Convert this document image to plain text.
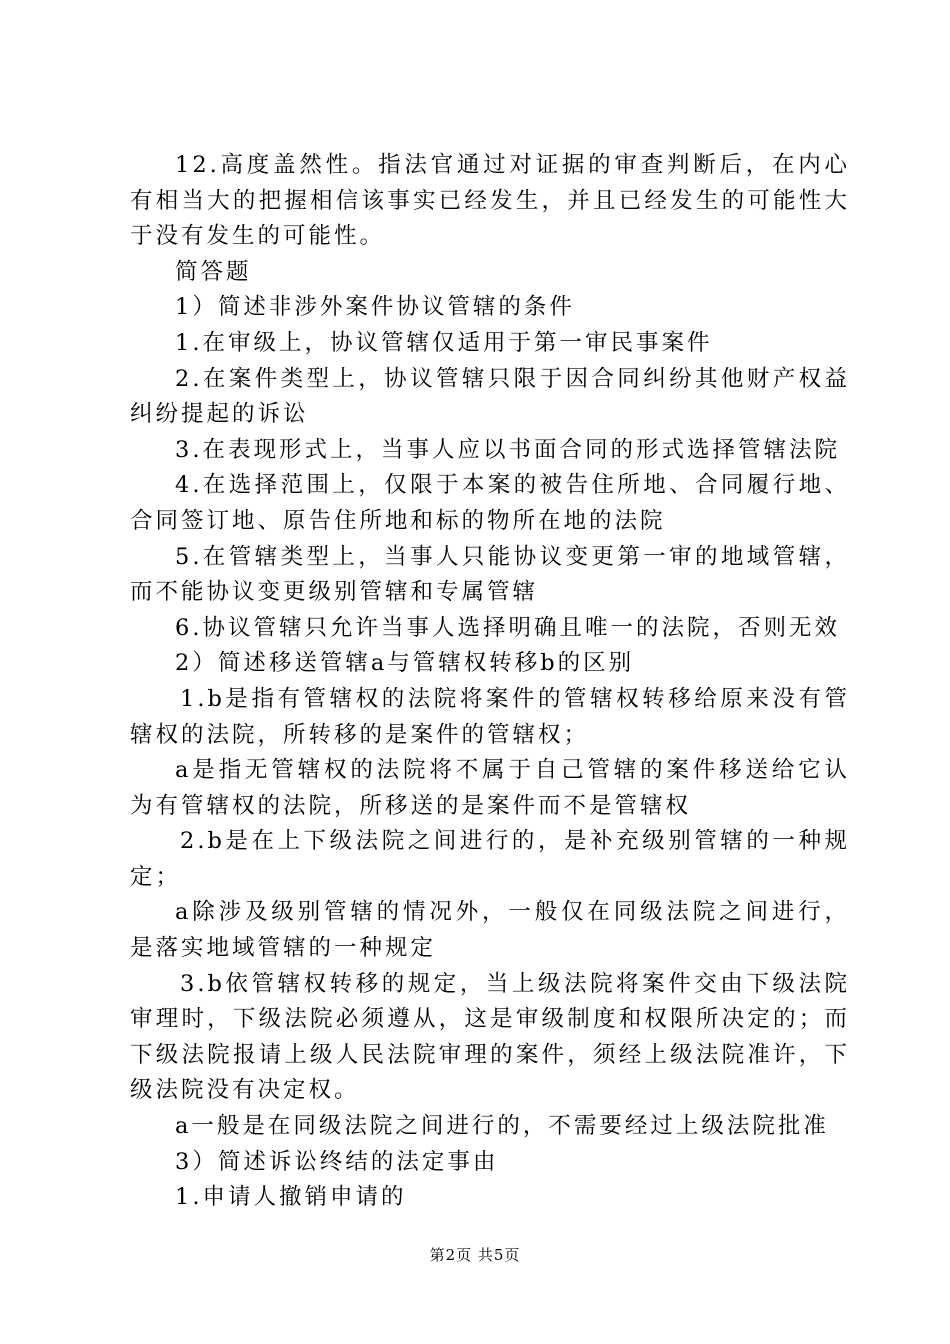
12.高度盖然性。指法官通过对证据的审查判断后，在内心有相当大的把握相信该事实已经发生，并且已经发生的可能性大于没有发生的可能性。

简答题

1）简述非涉外案件协议管辖的条件

1.在审级上，协议管辖仅适用于第一审民事案件

2.在案件类型上，协议管辖只限于因合同纠纷其他财产权益纠纷提起的诉讼

3.在表现形式上，当事人应以书面合同的形式选择管辖法院

4.在选择范围上，仅限于本案的被告住所地、合同履行地、合同签订地、原告住所地和标的物所在地的法院

5.在管辖类型上，当事人只能协议变更第一审的地域管辖，而不能协议变更级别管辖和专属管辖

6.协议管辖只允许当事人选择明确且唯一的法院，否则无效

2）简述移送管辖a与管辖权转移b的区别

1.b是指有管辖权的法院将案件的管辖权转移给原来没有管辖权的法院，所转移的是案件的管辖权；

a是指无管辖权的法院将不属于自己管辖的案件移送给它认为有管辖权的法院，所移送的是案件而不是管辖权

2.b是在上下级法院之间进行的，是补充级别管辖的一种规定；

a除涉及级别管辖的情况外，一般仅在同级法院之间进行，是落实地域管辖的一种规定

3.b依管辖权转移的规定，当上级法院将案件交由下级法院审理时，下级法院必须遵从，这是审级制度和权限所决定的；而下级法院报请上级人民法院审理的案件，须经上级法院准许，下级法院没有决定权。

a一般是在同级法院之间进行的，不需要经过上级法院批准

3）简述诉讼终结的法定事由

1.申请人撤销申请的

第2页 共5页
